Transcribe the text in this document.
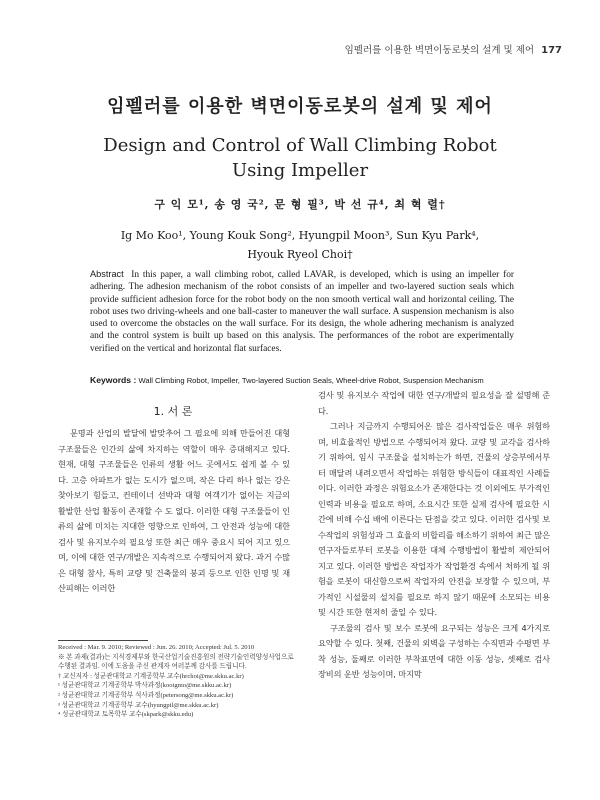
임펠러를 이용한 벽면이동로봇의 설계 및 제어 177
임펠러를 이용한 벽면이동로봇의 설계 및 제어
Design and Control of Wall Climbing Robot
Using Impeller
구 익 모¹, 송 영 국², 문 형 필³, 박 선 규⁴, 최 혁 렬†
Ig Mo Koo¹, Young Kouk Song², Hyungpil Moon³, Sun Kyu Park⁴,
Hyouk Ryeol Choi†
Abstract In this paper, a wall climbing robot, called LAVAR, is developed, which is using an impeller for adhering. The adhesion mechanism of the robot consists of an impeller and two-layered suction seals which provide sufficient adhesion force for the robot body on the non smooth vertical wall and horizontal ceiling. The robot uses two driving-wheels and one ball-caster to maneuver the wall surface. A suspension mechanism is also used to overcome the obstacles on the wall surface. For its design, the whole adhering mechanism is analyzed and the control system is built up based on this analysis. The performances of the robot are experimentally verified on the vertical and horizontal flat surfaces.
Keywords : Wall Climbing Robot, Impeller, Two-layered Suction Seals, Wheel-drive Robot, Suspension Mechanism
1. 서 론

문명과 산업의 발달에 발맞추어 그 필요에 의해 만들어진 대형 구조물들은 인간의 삶에 차지하는 역할이 매우 증대해지고 있다. 현재, 대형 구조물들은 인류의 생활 어느 곳에서도 쉽게 볼 수 있다. 고층 아파트가 없는 도시가 없으며, 작은 다리 하나 없는 강은 찾아보기 힘들고, 컨테이너 선박과 대형 여객기가 없이는 지금의 활발한 산업 활동이 존재할 수 도 없다. 이러한 대형 구조물들이 인류의 삶에 미치는 지대한 영향으로 인하여, 그 안전과 성능에 대한 검사 및 유지보수의 필요성 또한 최근 매우 중요시 되어 지고 있으며, 이에 대한 연구/개발은 지속적으로 수행되어져 왔다. 과거 수많은 대형 참사, 특히 교량 및 건축물의 붕괴 등으로 인한 인명 및 재산피해는 이러한

검사 및 유지보수 작업에 대한 연구/개발의 필요성을 잘 설명해 준다.

그러나 지금까지 수행되어온 많은 검사작업들은 매우 위험하며, 비효율적인 방법으로 수행되어져 왔다. 교량 및 교각을 검사하기 위하여, 임시 구조물을 설치하는가 하면, 건물의 상층부에서부터 매달려 내려오면서 작업하는 위험한 방식들이 대표적인 사례들이다. 이러한 과정은 위험요소가 존재한다는 것 이외에도 부가적인 인력과 비용을 필요로 하며, 소요시간 또한 실제 검사에 필요한 시간에 비해 수십 배에 이른다는 단점을 갖고 있다. 이러한 검사및 보수작업의 위험성과 그 효율의 비합리를 해소하기 위하여 최근 많은 연구자들로부터 로봇을 이용한 대체 수행방법이 활발히 제안되어지고 있다. 이러한 방법은 작업자가 작업환경 속에서 처하게 될 위험을 로봇이 대신함으로써 작업자의 안전을 보장할 수 있으며, 부가적인 시설물의 설치를 필요로 하지 않기 때문에 소모되는 비용 및 시간 또한 현저히 줄일 수 있다.

구조물의 검사 및 보수 로봇에 요구되는 성능은 크게 4가지로 요약할 수 있다. 첫째, 건물의 외벽을 구성하는 수직면과 수평면 부착 성능, 둘째로 이러한 부착표면에 대한 이동 성능, 셋째로 검사 장비의 운반 성능이며, 마지막

Received : Mar. 9. 2010; Reviewed : Jun. 26. 2010; Accepted: Jul. 5. 2010
※ 본 과제(결과)는 지식경제부와 한국산업기술진흥원의 전략기술인력양성사업으로 수행된 결과임. 이에 도움을 주신 관계자 여러분께 감사를 드립니다.
† 교신저자 : 성균관대학교 기계공학부 교수(hrchoi@me.skku.ac.kr)
¹ 성균관대학교 기계공학부 박사과정(kooigmo@me.skku.ac.kr)
² 성균관대학교 기계공학부 석사과정(petersong@me.skku.ac.kr)
³ 성균관대학교 기계공학부 교수(hyungpil@me.skku.ac.kr)
⁴ 성균관대학교 토목학부 교수(skpark@skku.edu)
